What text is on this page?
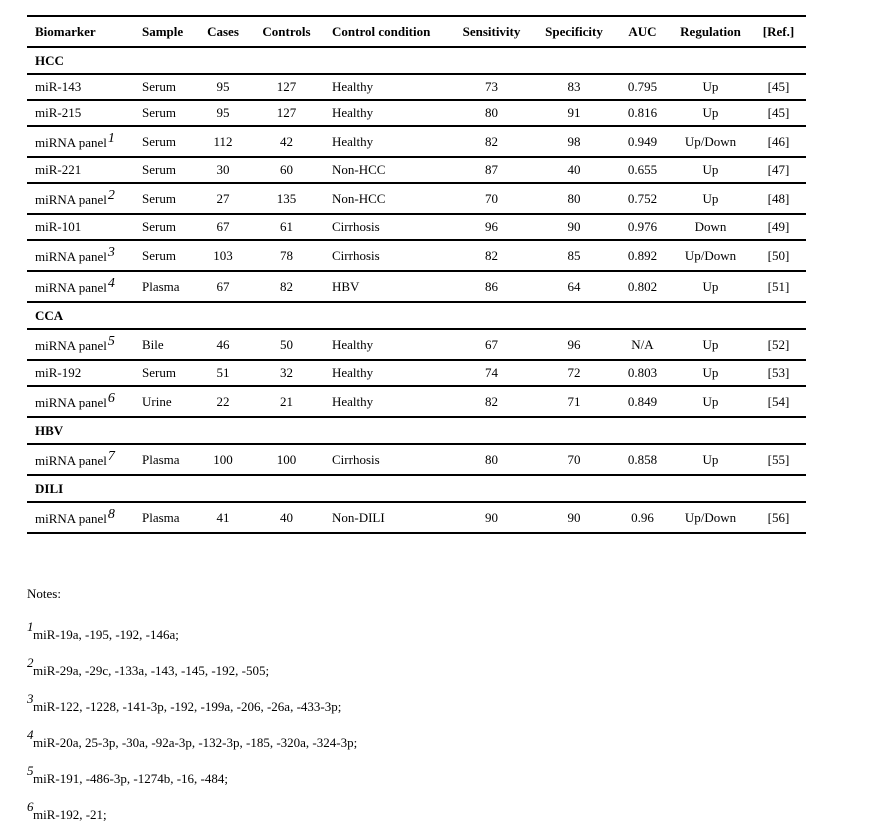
Biomarker	Sample	Cases	Controls	Control condition	Sensitivity	Specificity	AUC	Regulation	[Ref.]
HCC									
miR-143	Serum	95	127	Healthy	73	83	0.795	Up	[45]
miR-215	Serum	95	127	Healthy	80	91	0.816	Up	[45]
miRNA panel1	Serum	112	42	Healthy	82	98	0.949	Up/Down	[46]
miR-221	Serum	30	60	Non-HCC	87	40	0.655	Up	[47]
miRNA panel2	Serum	27	135	Non-HCC	70	80	0.752	Up	[48]
miR-101	Serum	67	61	Cirrhosis	96	90	0.976	Down	[49]
miRNA panel3	Serum	103	78	Cirrhosis	82	85	0.892	Up/Down	[50]
miRNA panel4	Plasma	67	82	HBV	86	64	0.802	Up	[51]
CCA									
miRNA panel5	Bile	46	50	Healthy	67	96	N/A	Up	[52]
miR-192	Serum	51	32	Healthy	74	72	0.803	Up	[53]
miRNA panel6	Urine	22	21	Healthy	82	71	0.849	Up	[54]
HBV									
miRNA panel7	Plasma	100	100	Cirrhosis	80	70	0.858	Up	[55]
DILI									
miRNA panel8	Plasma	41	40	Non-DILI	90	90	0.96	Up/Down	[56]
Notes:
1
miR-19a, -195, -192, -146a;
2
miR-29a, -29c, -133a, -143, -145, -192, -505;
3
miR-122, -1228, -141-3p, -192, -199a, -206, -26a, -433-3p;
4
miR-20a, 25-3p, -30a, -92a-3p, -132-3p, -185, -320a, -324-3p;
5
miR-191, -486-3p, -1274b, -16, -484;
6
miR-192, -21;
